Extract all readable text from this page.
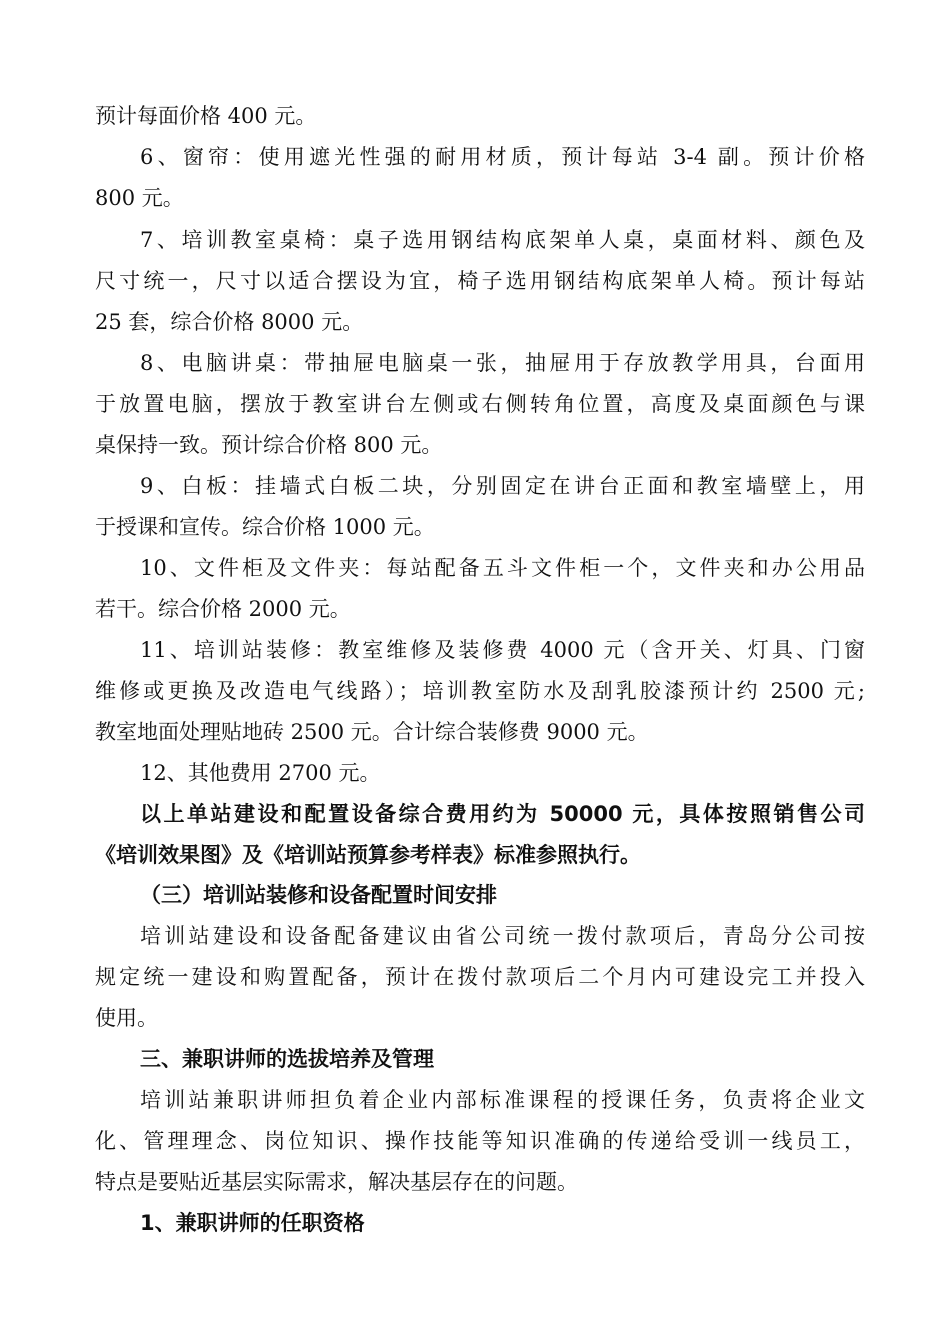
预计每面价格 400 元。
6、窗帘：使用遮光性强的耐用材质，预计每站 3-4 副。预计价格
800 元。
7、培训教室桌椅：桌子选用钢结构底架单人桌，桌面材料、颜色及
尺寸统一，尺寸以适合摆设为宜，椅子选用钢结构底架单人椅。预计每站
25 套，综合价格 8000 元。
8、电脑讲桌：带抽屉电脑桌一张，抽屉用于存放教学用具，台面用
于放置电脑，摆放于教室讲台左侧或右侧转角位置，高度及桌面颜色与课
桌保持一致。预计综合价格 800 元。
9、白板：挂墙式白板二块，分别固定在讲台正面和教室墙壁上，用
于授课和宣传。综合价格 1000 元。
10、文件柜及文件夹：每站配备五斗文件柜一个，文件夹和办公用品
若干。综合价格 2000 元。
11、培训站装修：教室维修及装修费 4000 元（含开关、灯具、门窗
维修或更换及改造电气线路）；培训教室防水及刮乳胶漆预计约 2500 元;
教室地面处理贴地砖 2500 元。合计综合装修费 9000 元。
12、其他费用 2700 元。
以上单站建设和配置设备综合费用约为 50000 元，具体按照销售公司
《培训效果图》及《培训站预算参考样表》标准参照执行。
（三）培训站装修和设备配置时间安排
培训站建设和设备配备建议由省公司统一拨付款项后，青岛分公司按
规定统一建设和购置配备，预计在拨付款项后二个月内可建设完工并投入
使用。
三、兼职讲师的选拔培养及管理
培训站兼职讲师担负着企业内部标准课程的授课任务，负责将企业文
化、管理理念、岗位知识、操作技能等知识准确的传递给受训一线员工，
特点是要贴近基层实际需求，解决基层存在的问题。
1、兼职讲师的任职资格
